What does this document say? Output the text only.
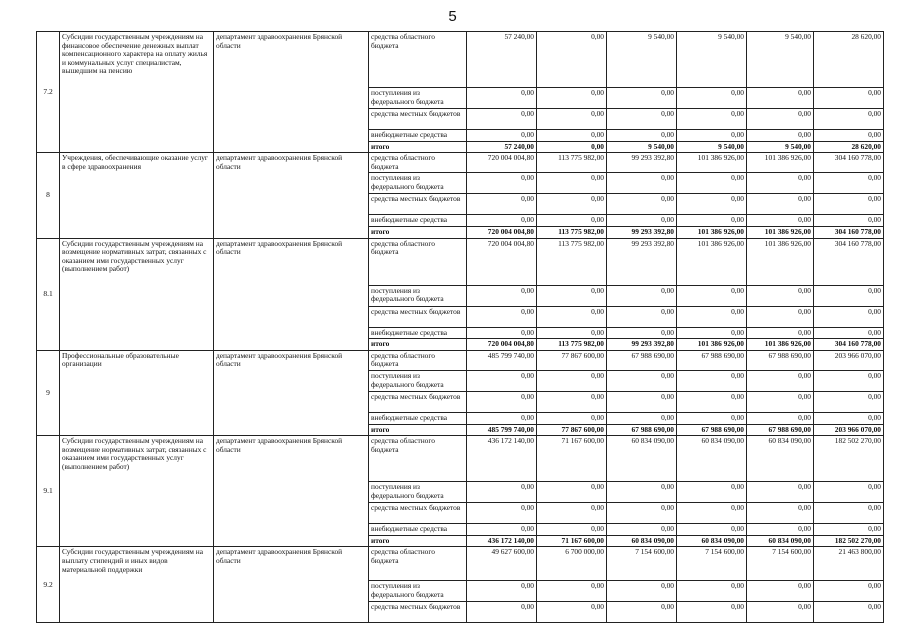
5
7.2	Субсидии государственным учреждениям на финансовое обеспечение денежных выплат компенсационного характера на оплату жилья и коммунальных услуг специалистам, вышедшим на пенсию	департамент здравоохранения Брянской области	средства областного бюджета	57 240,00	0,00	9 540,00	9 540,00	9 540,00	28 620,00
			поступления из федерального бюджета	0,00	0,00	0,00	0,00	0,00	0,00
			средства местных бюджетов	0,00	0,00	0,00	0,00	0,00	0,00
			внебюджетные средства	0,00	0,00	0,00	0,00	0,00	0,00
			итого	57 240,00	0,00	9 540,00	9 540,00	9 540,00	28 620,00
8	Учреждения, обеспечивающие оказание услуг в сфере здравоохранения	департамент здравоохранения Брянской области	средства областного бюджета	720 004 004,80	113 775 982,00	99 293 392,80	101 386 926,00	101 386 926,00	304 160 778,00
			поступления из федерального бюджета	0,00	0,00	0,00	0,00	0,00	0,00
			средства местных бюджетов	0,00	0,00	0,00	0,00	0,00	0,00
			внебюджетные средства	0,00	0,00	0,00	0,00	0,00	0,00
			итого	720 004 004,80	113 775 982,00	99 293 392,80	101 386 926,00	101 386 926,00	304 160 778,00
8.1	Субсидии государственным учреждениям на возмещение нормативных затрат, связанных с оказанием ими государственных услуг (выполнением работ)	департамент здравоохранения Брянской области	средства областного бюджета	720 004 004,80	113 775 982,00	99 293 392,80	101 386 926,00	101 386 926,00	304 160 778,00
			поступления из федерального бюджета	0,00	0,00	0,00	0,00	0,00	0,00
			средства местных бюджетов	0,00	0,00	0,00	0,00	0,00	0,00
			внебюджетные средства	0,00	0,00	0,00	0,00	0,00	0,00
			итого	720 004 004,80	113 775 982,00	99 293 392,80	101 386 926,00	101 386 926,00	304 160 778,00
9	Профессиональные образовательные организации	департамент здравоохранения Брянской области	средства областного бюджета	485 799 740,00	77 867 600,00	67 988 690,00	67 988 690,00	67 988 690,00	203 966 070,00
			поступления из федерального бюджета	0,00	0,00	0,00	0,00	0,00	0,00
			средства местных бюджетов	0,00	0,00	0,00	0,00	0,00	0,00
			внебюджетные средства	0,00	0,00	0,00	0,00	0,00	0,00
			итого	485 799 740,00	77 867 600,00	67 988 690,00	67 988 690,00	67 988 690,00	203 966 070,00
9.1	Субсидии государственным учреждениям на возмещение нормативных затрат, связанных с оказанием ими государственных услуг (выполнением работ)	департамент здравоохранения Брянской области	средства областного бюджета	436 172 140,00	71 167 600,00	60 834 090,00	60 834 090,00	60 834 090,00	182 502 270,00
			поступления из федерального бюджета	0,00	0,00	0,00	0,00	0,00	0,00
			средства местных бюджетов	0,00	0,00	0,00	0,00	0,00	0,00
			внебюджетные средства	0,00	0,00	0,00	0,00	0,00	0,00
			итого	436 172 140,00	71 167 600,00	60 834 090,00	60 834 090,00	60 834 090,00	182 502 270,00
9.2	Субсидии государственным учреждениям на выплату стипендий и иных видов материальной поддержки	департамент здравоохранения Брянской области	средства областного бюджета	49 627 600,00	6 700 000,00	7 154 600,00	7 154 600,00	7 154 600,00	21 463 800,00
			поступления из федерального бюджета	0,00	0,00	0,00	0,00	0,00	0,00
			средства местных бюджетов	0,00	0,00	0,00	0,00	0,00	0,00
